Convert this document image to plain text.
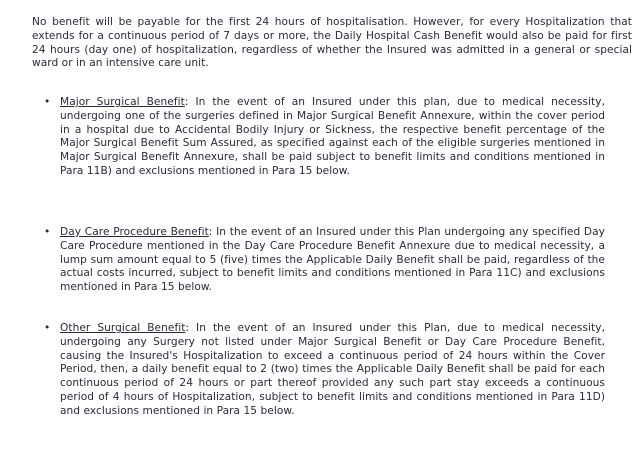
No benefit will be payable for the first 24 hours of hospitalisation. However, for every Hospitalization that extends for a continuous period of 7 days or more, the Daily Hospital Cash Benefit would also be paid for first 24 hours (day one) of hospitalization, regardless of whether the Insured was admitted in a general or special ward or in an intensive care unit.

• Major Surgical Benefit: In the event of an Insured under this plan, due to medical necessity, undergoing one of the surgeries defined in Major Surgical Benefit Annexure, within the cover period in a hospital due to Accidental Bodily Injury or Sickness, the respective benefit percentage of the Major Surgical Benefit Sum Assured, as specified against each of the eligible surgeries mentioned in Major Surgical Benefit Annexure, shall be paid subject to benefit limits and conditions mentioned in Para 11B) and exclusions mentioned in Para 15 below.
• Day Care Procedure Benefit: In the event of an Insured under this Plan undergoing any specified Day Care Procedure mentioned in the Day Care Procedure Benefit Annexure due to medical necessity, a lump sum amount equal to 5 (five) times the Applicable Daily Benefit shall be paid, regardless of the actual costs incurred, subject to benefit limits and conditions mentioned in Para 11C) and exclusions mentioned in Para 15 below.
• Other Surgical Benefit: In the event of an Insured under this Plan, due to medical necessity, undergoing any Surgery not listed under Major Surgical Benefit or Day Care Procedure Benefit, causing the Insured's Hospitalization to exceed a continuous period of 24 hours within the Cover Period, then, a daily benefit equal to 2 (two) times the Applicable Daily Benefit shall be paid for each continuous period of 24 hours or part thereof provided any such part stay exceeds a continuous period of 4 hours of Hospitalization, subject to benefit limits and conditions mentioned in Para 11D) and exclusions mentioned in Para 15 below.
